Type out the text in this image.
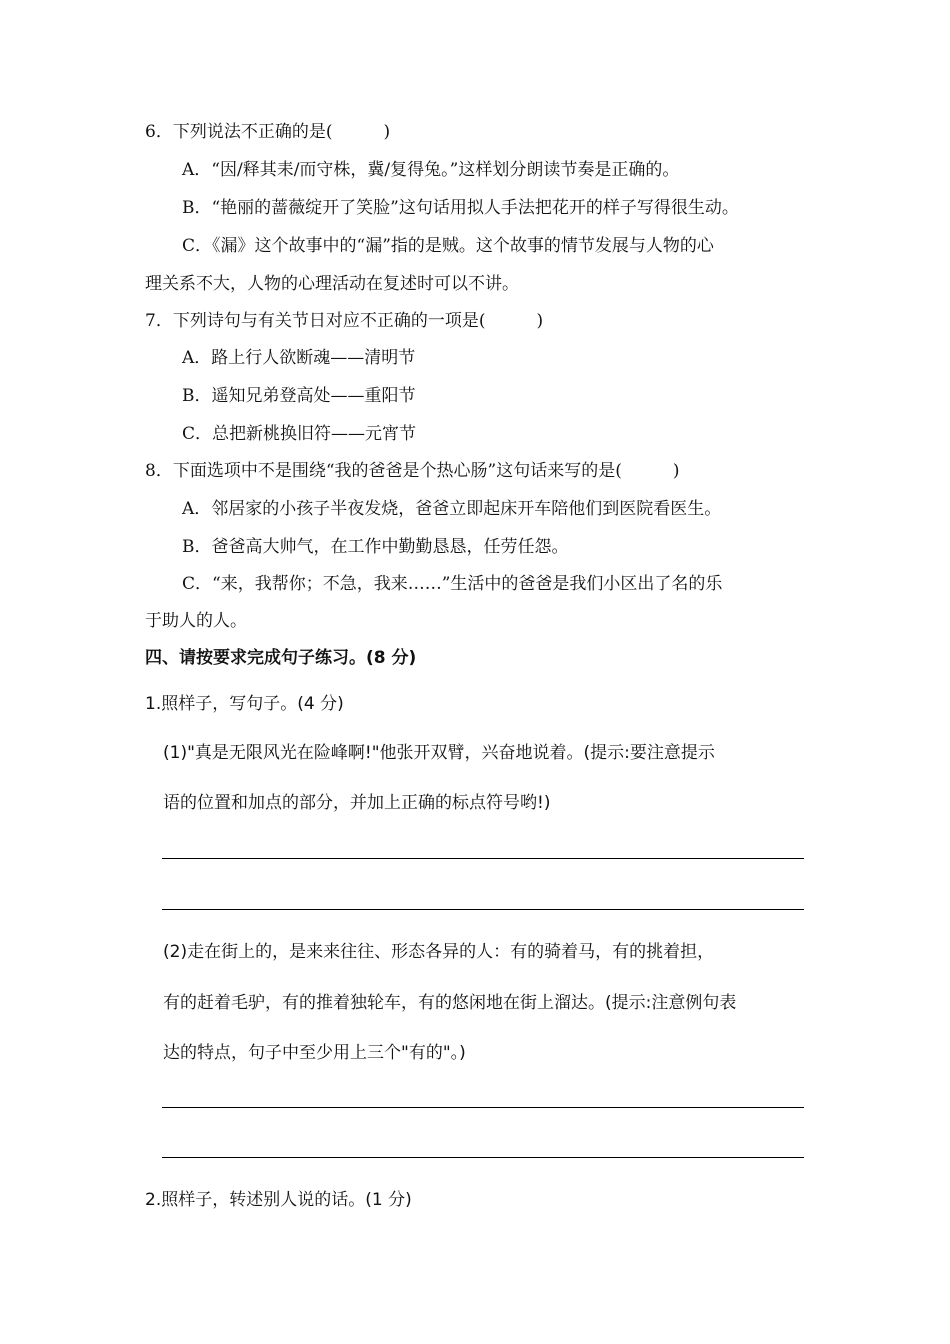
6．下列说法不正确的是(　　　)
A．“因/释其耒/而守株，冀/复得兔。”这样划分朗读节奏是正确的。
B．“艳丽的蔷薇绽开了笑脸”这句话用拟人手法把花开的样子写得很生动。
C．《漏》这个故事中的“漏”指的是贼。这个故事的情节发展与人物的心
理关系不大，人物的心理活动在复述时可以不讲。
7．下列诗句与有关节日对应不正确的一项是(　　　)
A．路上行人欲断魂——清明节
B．遥知兄弟登高处——重阳节
C．总把新桃换旧符——元宵节
8．下面选项中不是围绕“我的爸爸是个热心肠”这句话来写的是(　　　)
A．邻居家的小孩子半夜发烧，爸爸立即起床开车陪他们到医院看医生。
B．爸爸高大帅气，在工作中勤勤恳恳，任劳任怨。
C．“来，我帮你；不急，我来……”生活中的爸爸是我们小区出了名的乐
于助人的人。
四、请按要求完成句子练习。(8 分)
1.照样子，写句子。(4 分)
(1)"真是无限风光在险峰啊!"他张开双臂，兴奋地说着。(提示:要注意提示
语的位置和加点的部分，并加上正确的标点符号哟!)
(2)走在街上的，是来来往往、形态各异的人：有的骑着马，有的挑着担，
有的赶着毛驴，有的推着独轮车，有的悠闲地在街上溜达。(提示:注意例句表
达的特点，句子中至少用上三个"有的"。)
2.照样子，转述别人说的话。(1 分)
